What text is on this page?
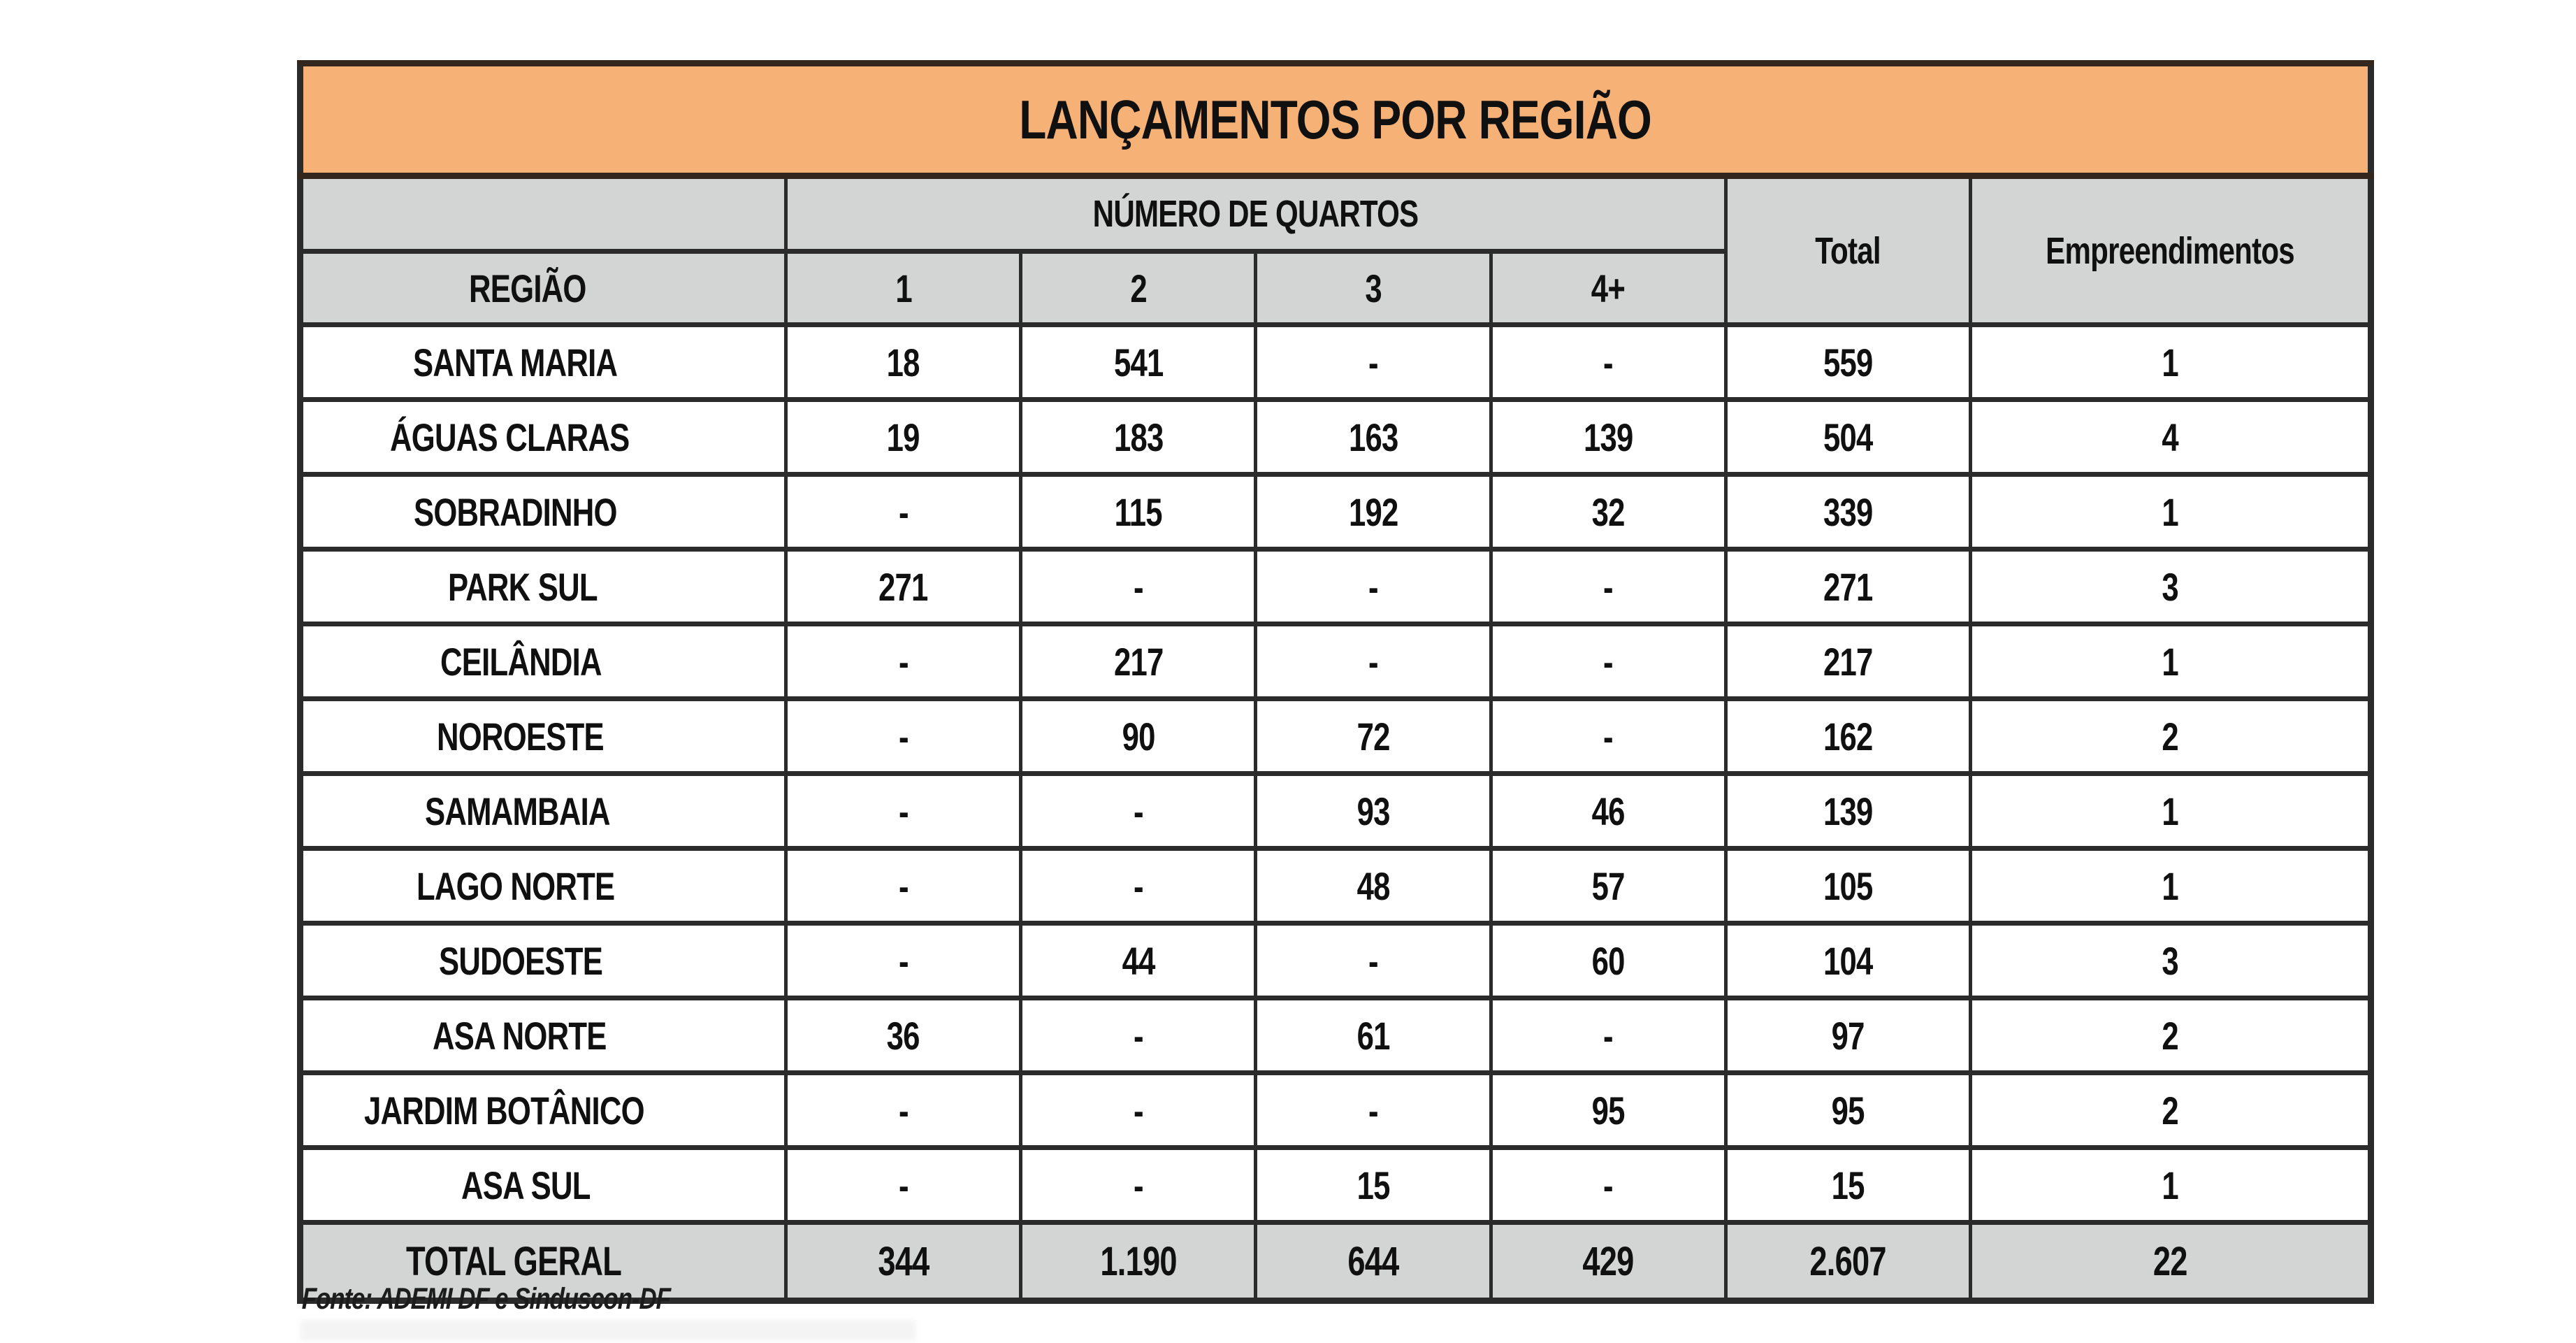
LANÇAMENTOS POR REGIÃO						
	NÚMERO DE QUARTOS				Total	Empreendimentos
REGIÃO	1	2	3	4+		
SANTA MARIA	18	541	-	-	559	1
ÁGUAS CLARAS	19	183	163	139	504	4
SOBRADINHO	-	115	192	32	339	1
PARK SUL	271	-	-	-	271	3
CEILÂNDIA	-	217	-	-	217	1
NOROESTE	-	90	72	-	162	2
SAMAMBAIA	-	-	93	46	139	1
LAGO NORTE	-	-	48	57	105	1
SUDOESTE	-	44	-	60	104	3
ASA NORTE	36	-	61	-	97	2
JARDIM BOTÂNICO	-	-	-	95	95	2
ASA SUL	-	-	15	-	15	1
TOTAL GERAL	344	1.190	644	429	2.607	22
Fonte: ADEMI DF e Sinduscon-DF
